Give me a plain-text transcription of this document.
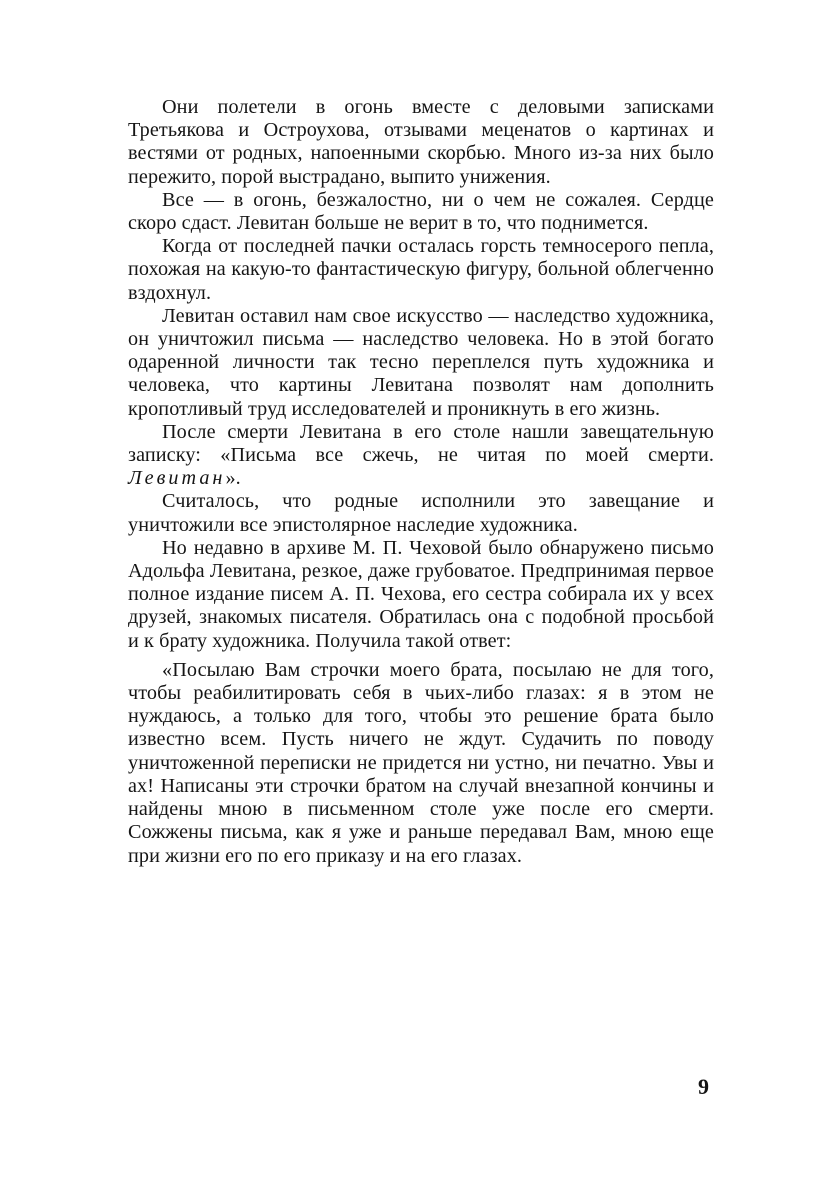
Они полетели в огонь вместе с деловыми записками Третьякова и Остроухова, отзывами меценатов о картинах и вестями от родных, напоенными скорбью. Много из-за них было пережито, порой выстрадано, выпито унижения.

Все — в огонь, безжалостно, ни о чем не сожалея. Сердце скоро сдаст. Левитан больше не верит в то, что поднимется.

Когда от последней пачки осталась горсть темносерого пепла, похожая на какую-то фантастическую фигуру, больной облегченно вздохнул.

Левитан оставил нам свое искусство — наследство художника, он уничтожил письма — наследство человека. Но в этой богато одаренной личности так тесно переплелся путь художника и человека, что картины Левитана позволят нам дополнить кропотливый труд исследователей и проникнуть в его жизнь.

После смерти Левитана в его столе нашли завещательную записку: «Письма все сжечь, не читая по моей смерти. Левитан».

Считалось, что родные исполнили это завещание и уничтожили все эпистолярное наследие художника.

Но недавно в архиве М. П. Чеховой было обнаружено письмо Адольфа Левитана, резкое, даже грубоватое. Предпринимая первое полное издание писем А. П. Чехова, его сестра собирала их у всех друзей, знакомых писателя. Обратилась она с подобной просьбой и к брату художника. Получила такой ответ:

«Посылаю Вам строчки моего брата, посылаю не для того, чтобы реабилитировать себя в чьих-либо глазах: я в этом не нуждаюсь, а только для того, чтобы это решение брата было известно всем. Пусть ничего не ждут. Судачить по поводу уничтоженной переписки не придется ни устно, ни печатно. Увы и ах! Написаны эти строчки братом на случай внезапной кончины и найдены мною в письменном столе уже после его смерти. Сожжены письма, как я уже и раньше передавал Вам, мною еще при жизни его по его приказу и на его глазах.

9
